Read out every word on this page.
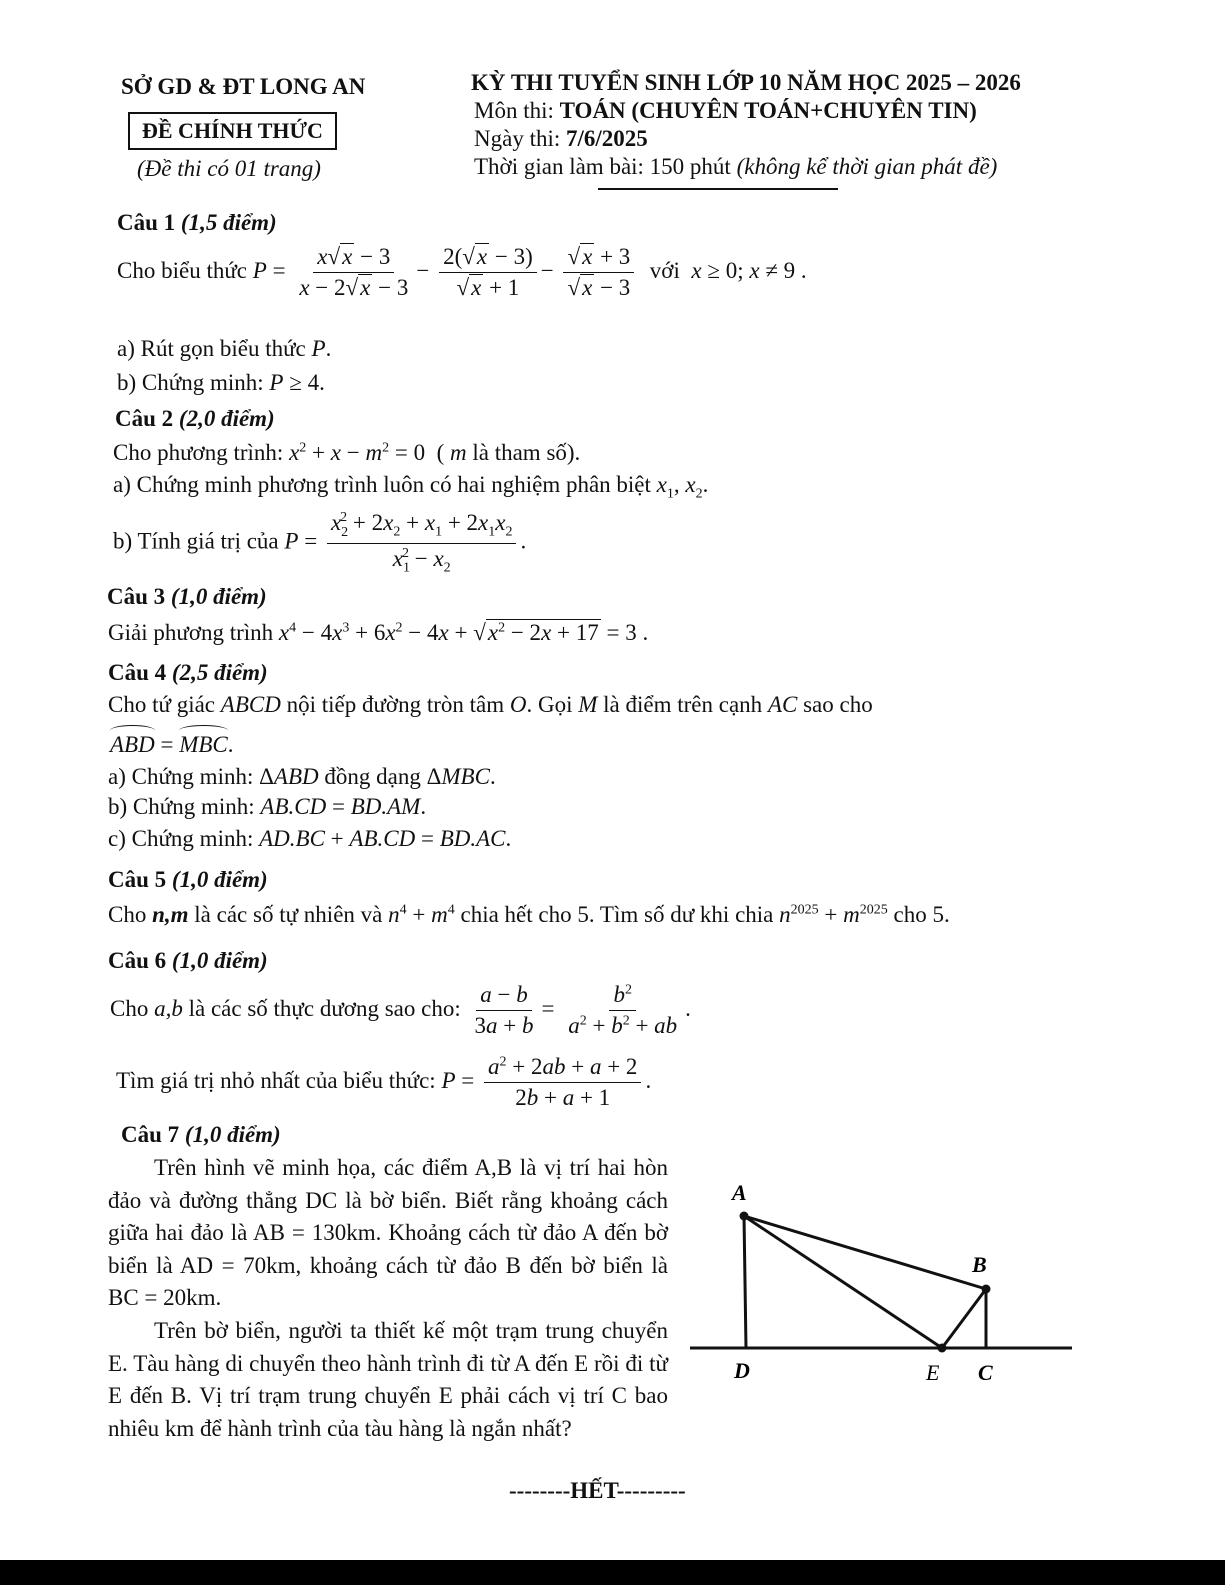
SỞ GD & ĐT LONG AN
ĐỀ CHÍNH THỨC
(Đề thi có 01 trang)
KỲ THI TUYỂN SINH LỚP 10 NĂM HỌC 2025 – 2026
Môn thi: TOÁN (CHUYÊN TOÁN+CHUYÊN TIN)
Ngày thi: 7/6/2025
Thời gian làm bài: 150 phút (không kể thời gian phát đề)
Câu 1 (1,5 điểm)
Cho biểu thức $P = \frac{x√x - 3}{x - 2√x - 3} - \frac{2(√x - 3)}{√x + 1} - \frac{√x + 3}{√x - 3}$ với x ≥ 0; x ≠ 9 .
a) Rút gọn biểu thức P.
b) Chứng minh: P ≥ 4.
Câu 2 (2,0 điểm)
Cho phương trình: $x^2 + x - m^2 = 0$  ( m là tham số).
a) Chứng minh phương trình luôn có hai nghiệm phân biệt $x_1$, $x_2$.
b) Tính giá trị của $P = \frac{x_2^2 + 2x_2 + x_1 + 2x_1x_2}{x_1^2 - x_2}$ .
Câu 3 (1,0 điểm)
Giải phương trình $x^4 - 4x^3 + 6x^2 - 4x + √x^2 - 2x + 17 = 3$ .
Câu 4 (2,5 điểm)
Cho tứ giác ABCD nội tiếp đường tròn tâm O. Gọi M là điểm trên cạnh AC sao cho
ABD = MBC.
a) Chứng minh: ΔABD đồng dạng ΔMBC.
b) Chứng minh: AB.CD = BD.AM.
c) Chứng minh: AD.BC + AB.CD = BD.AC.
Câu 5 (1,0 điểm)
Cho n,m là các số tự nhiên và $n^4 + m^4$ chia hết cho 5. Tìm số dư khi chia $n^{2025} + m^{2025}$ cho 5.
Câu 6 (1,0 điểm)
Cho a,b là các số thực dương sao cho: $\frac{a - b}{3a + b} = \frac{b^2}{a^2 + b^2 + ab}$ .
Tìm giá trị nhỏ nhất của biểu thức: $P = \frac{a^2 + 2ab + a + 2}{2b + a + 1}$ .
Câu 7 (1,0 điểm)
Trên hình vẽ minh họa, các điểm A,B là vị trí hai hòn đảo và đường thẳng DC là bờ biển. Biết rằng khoảng cách giữa hai đảo là AB = 130km. Khoảng cách từ đảo A đến bờ biển là AD = 70km, khoảng cách từ đảo B đến bờ biển là BC = 20km.
Trên bờ biển, người ta thiết kế một trạm trung chuyển E. Tàu hàng di chuyển theo hành trình đi từ A đến E rồi đi từ E đến B. Vị trí trạm trung chuyển E phải cách vị trí C bao nhiêu km để hành trình của tàu hàng là ngắn nhất?
A
B
D	E C
--------HẾT---------
